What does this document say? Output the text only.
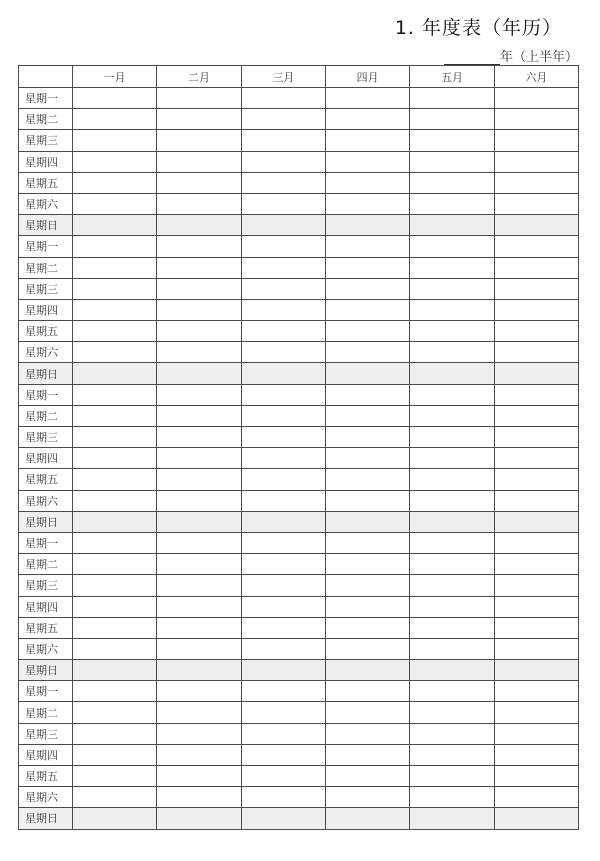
1. 年度表（年历）
年（上半年）
	一月	二月	三月	四月	五月	六月
星期一						
星期二						
星期三						
星期四						
星期五						
星期六						
星期日						
星期一						
星期二						
星期三						
星期四						
星期五						
星期六						
星期日						
星期一						
星期二						
星期三						
星期四						
星期五						
星期六						
星期日						
星期一						
星期二						
星期三						
星期四						
星期五						
星期六						
星期日						
星期一						
星期二						
星期三						
星期四						
星期五						
星期六						
星期日						
